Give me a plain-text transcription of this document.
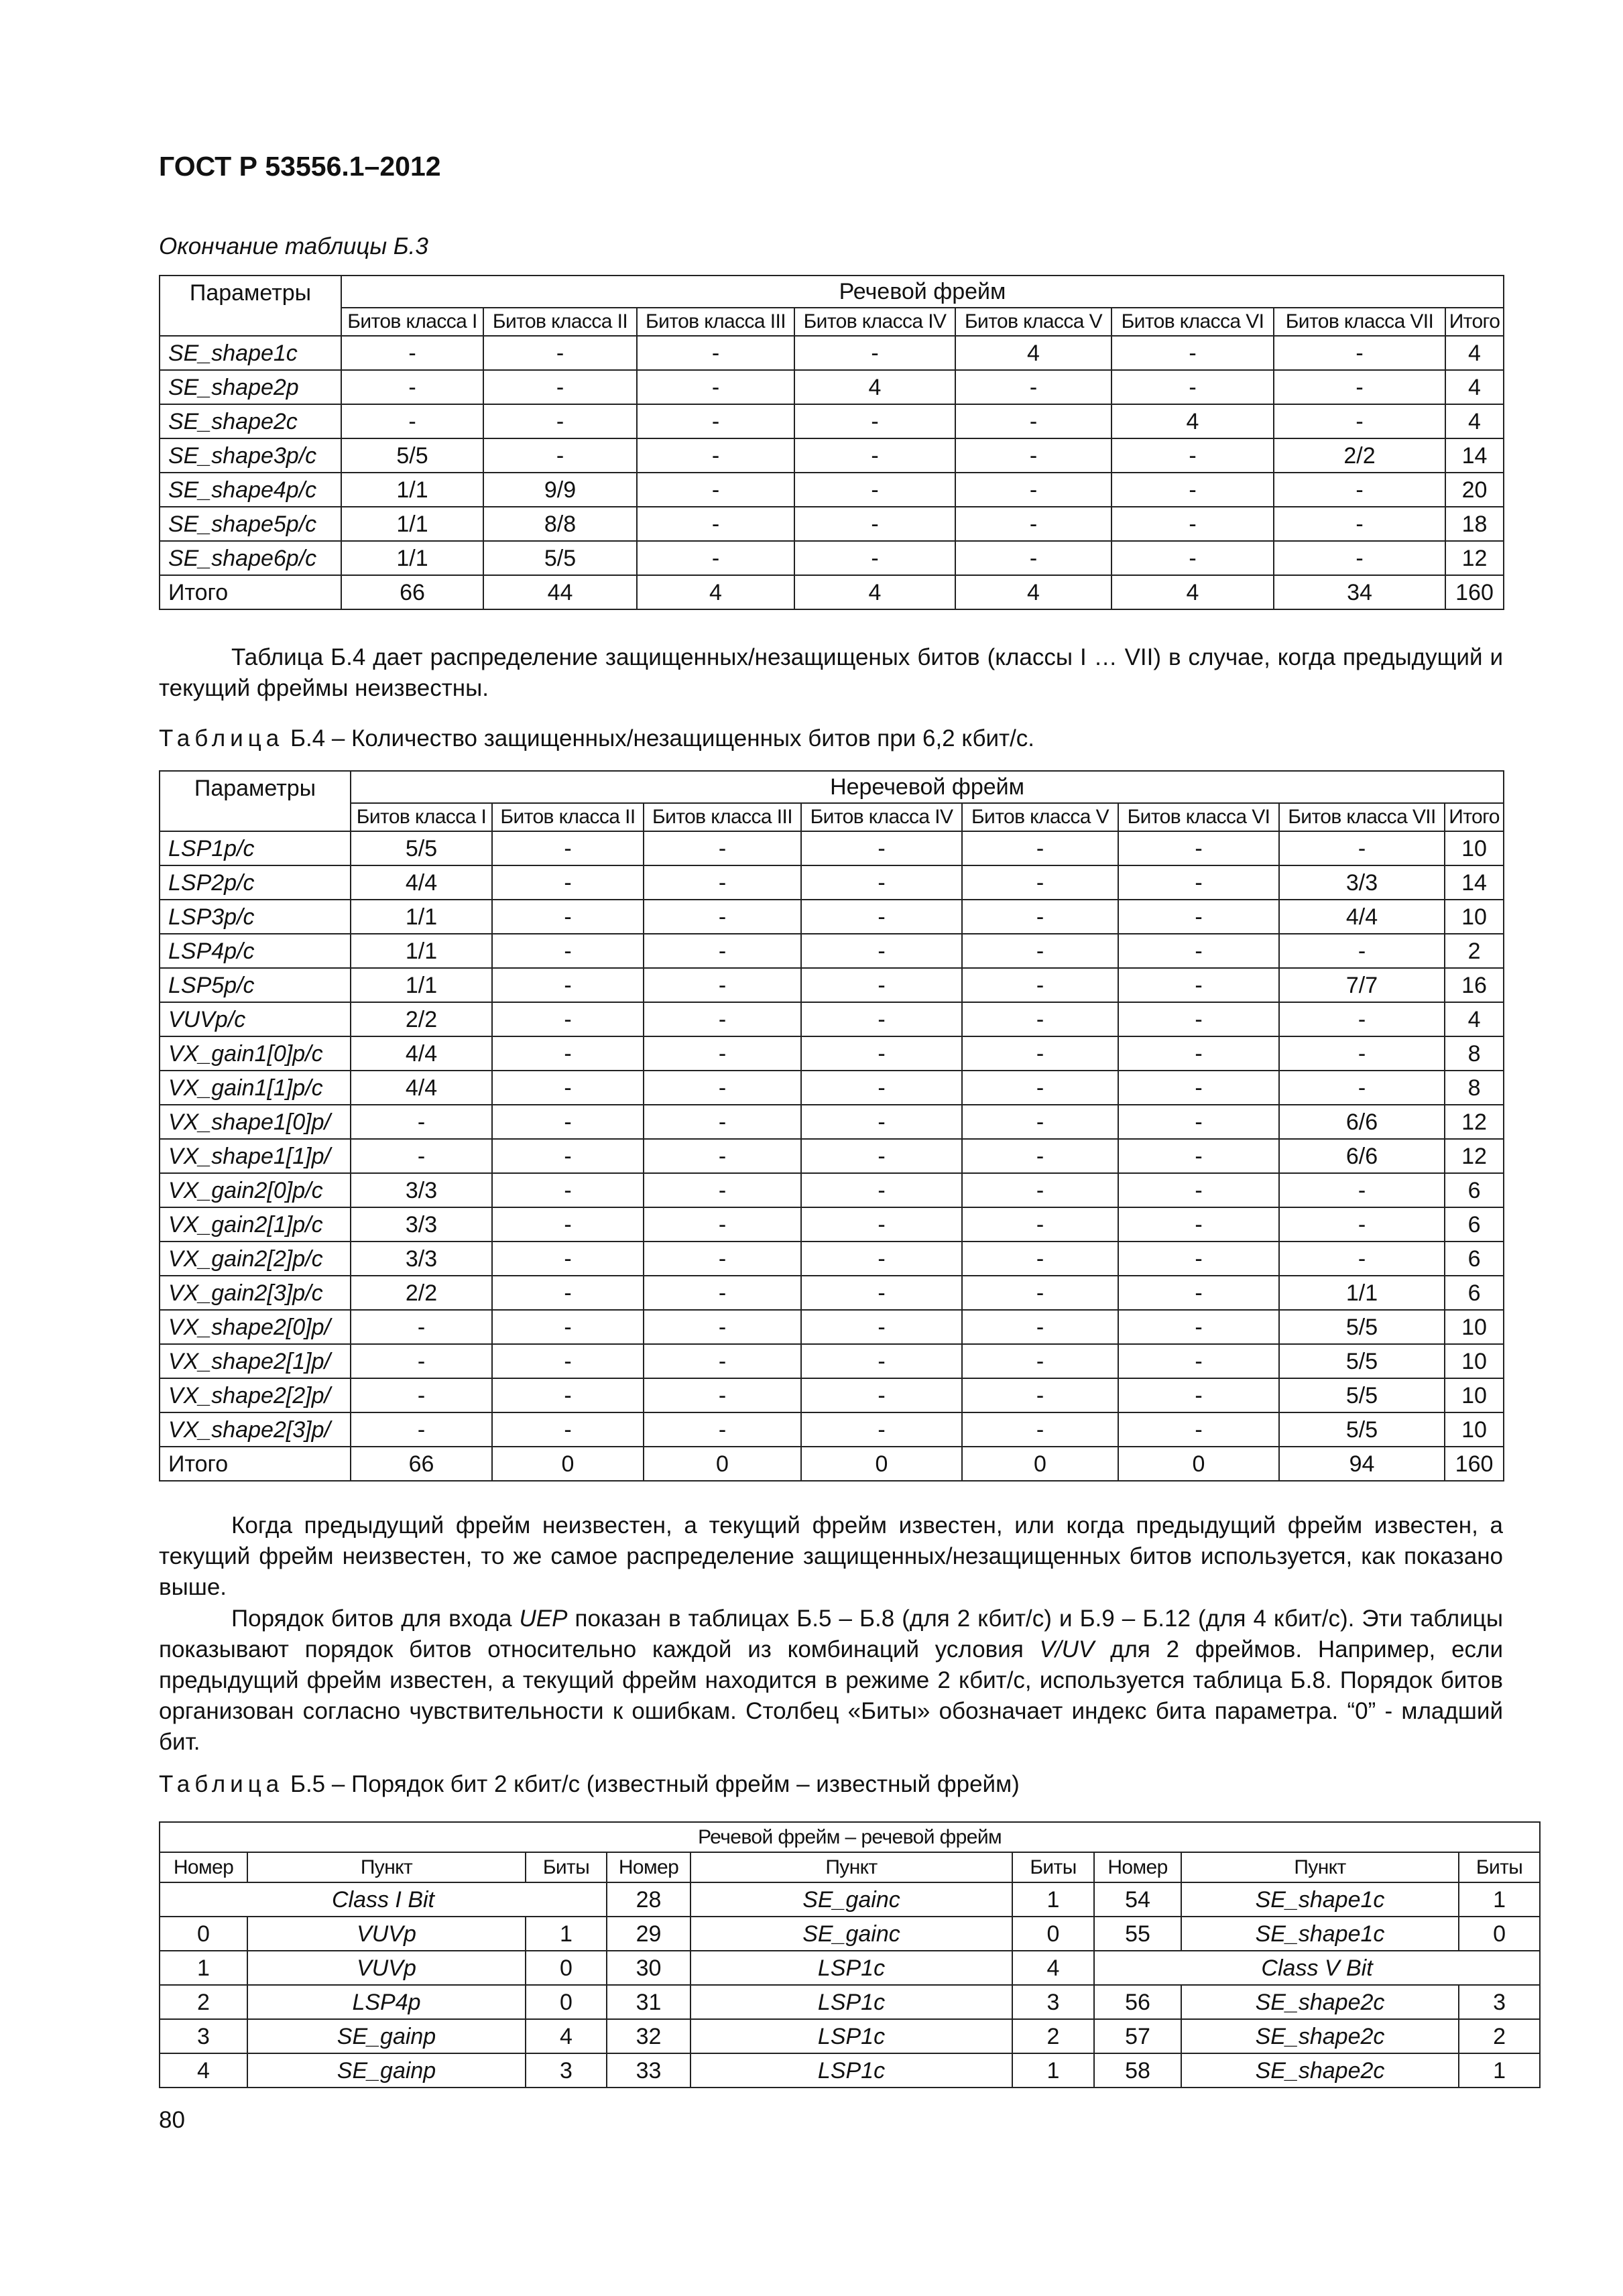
ГОСТ Р 53556.1–2012
Окончание таблицы Б.3
Параметры	Речевой фрейм							
	Битов класса I	Битов класса II	Битов класса III	Битов класса IV	Битов класса V	Битов класса VI	Битов класса VII	Итого
SE_shape1c	-	-	-	-	4	-	-	4
SE_shape2p	-	-	-	4	-	-	-	4
SE_shape2c	-	-	-	-	-	4	-	4
SE_shape3p/c	5/5	-	-	-	-	-	2/2	14
SE_shape4p/c	1/1	9/9	-	-	-	-	-	20
SE_shape5p/c	1/1	8/8	-	-	-	-	-	18
SE_shape6p/c	1/1	5/5	-	-	-	-	-	12
Итого	66	44	4	4	4	4	34	160

Таблица Б.4 дает распределение защищенных/незащищеных битов (классы I … VII) в случае, когда предыдущий и текущий фреймы неизвестны.

Таблица Б.4 – Количество защищенных/незащищенных битов при 6,2 кбит/с.
Параметры	Неречевой фрейм							
	Битов класса I	Битов класса II	Битов класса III	Битов класса IV	Битов класса V	Битов класса VI	Битов класса VII	Итого
LSP1p/c	5/5	-	-	-	-	-	-	10
LSP2p/c	4/4	-	-	-	-	-	3/3	14
LSP3p/c	1/1	-	-	-	-	-	4/4	10
LSP4p/c	1/1	-	-	-	-	-	-	2
LSP5p/c	1/1	-	-	-	-	-	7/7	16
VUVp/c	2/2	-	-	-	-	-	-	4
VX_gain1[0]p/c	4/4	-	-	-	-	-	-	8
VX_gain1[1]p/c	4/4	-	-	-	-	-	-	8
VX_shape1[0]p/	-	-	-	-	-	-	6/6	12
VX_shape1[1]p/	-	-	-	-	-	-	6/6	12
VX_gain2[0]p/c	3/3	-	-	-	-	-	-	6
VX_gain2[1]p/c	3/3	-	-	-	-	-	-	6
VX_gain2[2]p/c	3/3	-	-	-	-	-	-	6
VX_gain2[3]p/c	2/2	-	-	-	-	-	1/1	6
VX_shape2[0]p/	-	-	-	-	-	-	5/5	10
VX_shape2[1]p/	-	-	-	-	-	-	5/5	10
VX_shape2[2]p/	-	-	-	-	-	-	5/5	10
VX_shape2[3]p/	-	-	-	-	-	-	5/5	10
Итого	66	0	0	0	0	0	94	160

Когда предыдущий фрейм неизвестен, а текущий фрейм известен, или когда предыдущий фрейм известен, а текущий фрейм неизвестен, то же самое распределение защищенных/незащищенных битов используется, как показано выше.

Порядок битов для входа UEP показан в таблицах Б.5 – Б.8 (для 2 кбит/с) и Б.9 – Б.12 (для 4 кбит/с). Эти таблицы показывают порядок битов относительно каждой из комбинаций условия V/UV для 2 фреймов. Например, если предыдущий фрейм известен, а текущий фрейм находится в режиме 2 кбит/с, используется таблица Б.8. Порядок битов организован согласно чувствительности к ошибкам. Столбец «Биты» обозначает индекс бита параметра. “0” - младший бит.

Таблица Б.5 – Порядок бит 2 кбит/с (известный фрейм – известный фрейм)
Речевой фрейм – речевой фрейм								
Номер	Пункт	Биты	Номер	Пункт	Биты	Номер	Пункт	Биты
Class I Bit			28	SE_gainc	1	54	SE_shape1c	1
0	VUVp	1	29	SE_gainc	0	55	SE_shape1c	0
1	VUVp	0	30	LSP1c	4	Class V Bit		
2	LSP4p	0	31	LSP1c	3	56	SE_shape2c	3
3	SE_gainp	4	32	LSP1c	2	57	SE_shape2c	2
4	SE_gainp	3	33	LSP1c	1	58	SE_shape2c	1
80
